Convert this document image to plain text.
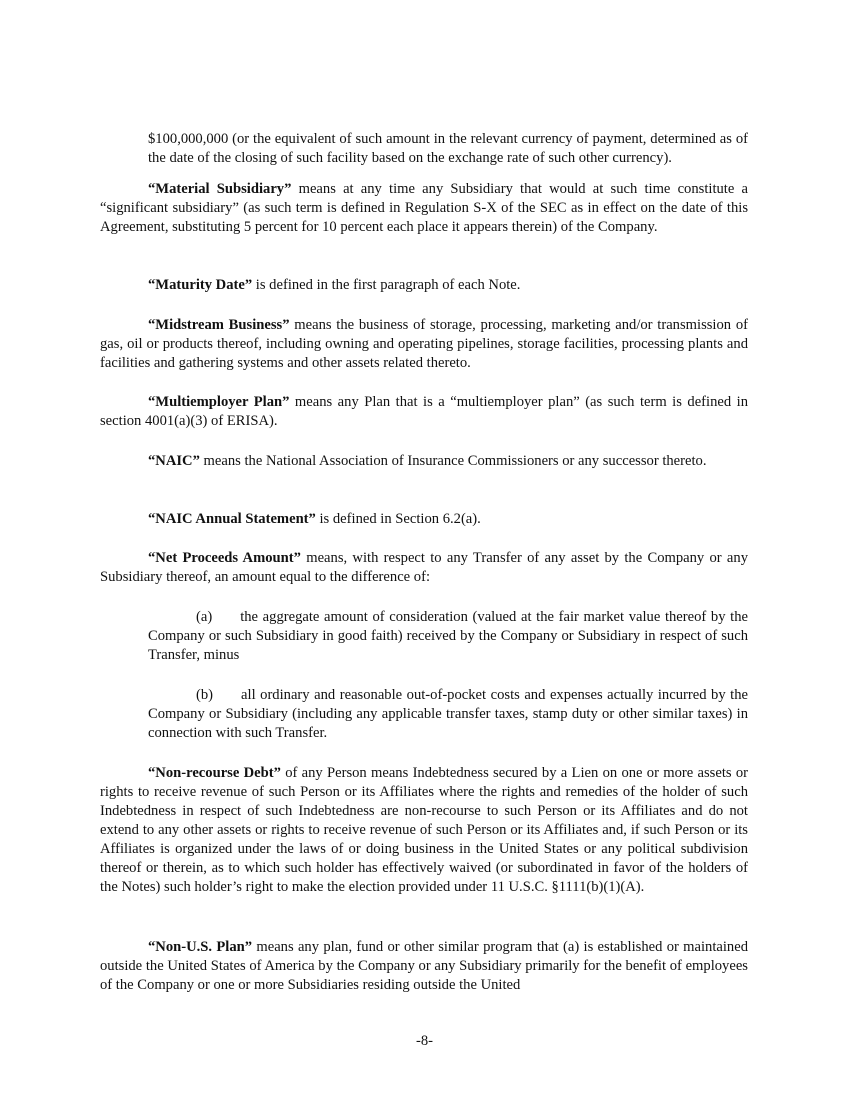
$100,000,000 (or the equivalent of such amount in the relevant currency of payment, determined as of the date of the closing of such facility based on the exchange rate of such other currency).

“Material Subsidiary” means at any time any Subsidiary that would at such time constitute a “significant subsidiary” (as such term is defined in Regulation S-X of the SEC as in effect on the date of this Agreement, substituting 5 percent for 10 percent each place it appears therein) of the Company.

“Maturity Date” is defined in the first paragraph of each Note.

“Midstream Business” means the business of storage, processing, marketing and/or transmission of gas, oil or products thereof, including owning and operating pipelines, storage facilities, processing plants and facilities and gathering systems and other assets related thereto.

“Multiemployer Plan” means any Plan that is a “multiemployer plan” (as such term is defined in section 4001(a)(3) of ERISA).

“NAIC” means the National Association of Insurance Commissioners or any successor thereto.

“NAIC Annual Statement” is defined in Section 6.2(a).

“Net Proceeds Amount” means, with respect to any Transfer of any asset by the Company or any Subsidiary thereof, an amount equal to the difference of:

(a) the aggregate amount of consideration (valued at the fair market value thereof by the Company or such Subsidiary in good faith) received by the Company or Subsidiary in respect of such Transfer, minus

(b) all ordinary and reasonable out-of-pocket costs and expenses actually incurred by the Company or Subsidiary (including any applicable transfer taxes, stamp duty or other similar taxes) in connection with such Transfer.

“Non-recourse Debt” of any Person means Indebtedness secured by a Lien on one or more assets or rights to receive revenue of such Person or its Affiliates where the rights and remedies of the holder of such Indebtedness in respect of such Indebtedness are non-recourse to such Person or its Affiliates and do not extend to any other assets or rights to receive revenue of such Person or its Affiliates and, if such Person or its Affiliates is organized under the laws of or doing business in the United States or any political subdivision thereof or therein, as to which such holder has effectively waived (or subordinated in favor of the holders of the Notes) such holder’s right to make the election provided under 11 U.S.C. §1111(b)(1)(A).

“Non-U.S. Plan” means any plan, fund or other similar program that (a) is established or maintained outside the United States of America by the Company or any Subsidiary primarily for the benefit of employees of the Company or one or more Subsidiaries residing outside the United

-8-
